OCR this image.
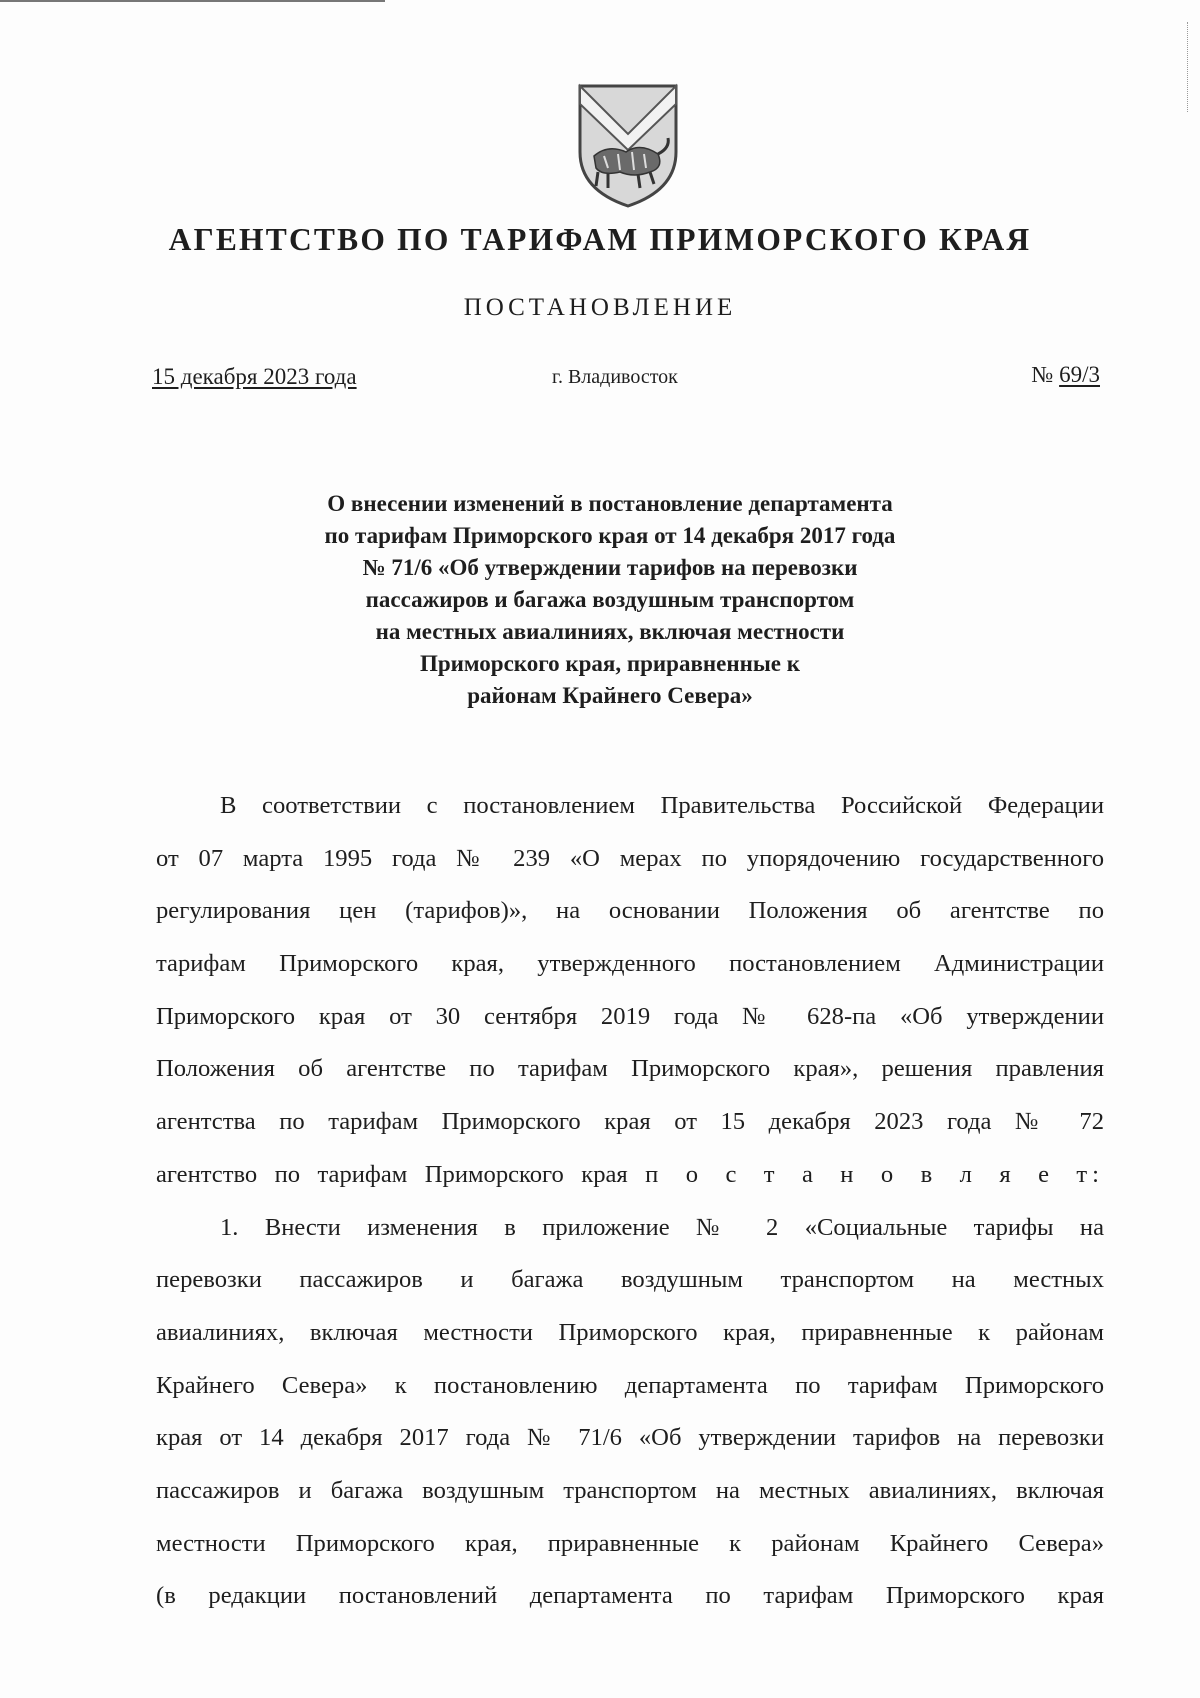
АГЕНТСТВО ПО ТАРИФАМ ПРИМОРСКОГО КРАЯ
ПОСТАНОВЛЕНИЕ
15 декабря 2023 года	г. Владивосток	№ 69/3
О внесении изменений в постановление департамента
по тарифам Приморского края от 14 декабря 2017 года
№ 71/6 «Об утверждении тарифов на перевозки
пассажиров и багажа воздушным транспортом
на местных авиалиниях, включая местности
Приморского края, приравненные к
районам Крайнего Севера»
В соответствии с постановлением Правительства Российской Федерации
от 07 марта 1995 года № 239 «О мерах по упорядочению государственного
регулирования цен (тарифов)», на основании Положения об агентстве по
тарифам Приморского края, утвержденного постановлением Администрации
Приморского края от 30 сентября 2019 года № 628-па «Об утверждении
Положения об агентстве по тарифам Приморского края», решения правления
агентства по тарифам Приморского края от 15 декабря 2023 года № 72
агентство по тарифам Приморского края п о с т а н о в л я е т:
1. Внести изменения в приложение № 2 «Социальные тарифы на
перевозки пассажиров и багажа воздушным транспортом на местных
авиалиниях, включая местности Приморского края, приравненные к районам
Крайнего Севера» к постановлению департамента по тарифам Приморского
края от 14 декабря 2017 года № 71/6 «Об утверждении тарифов на перевозки
пассажиров и багажа воздушным транспортом на местных авиалиниях, включая
местности Приморского края, приравненные к районам Крайнего Севера»
(в редакции постановлений департамента по тарифам Приморского края
